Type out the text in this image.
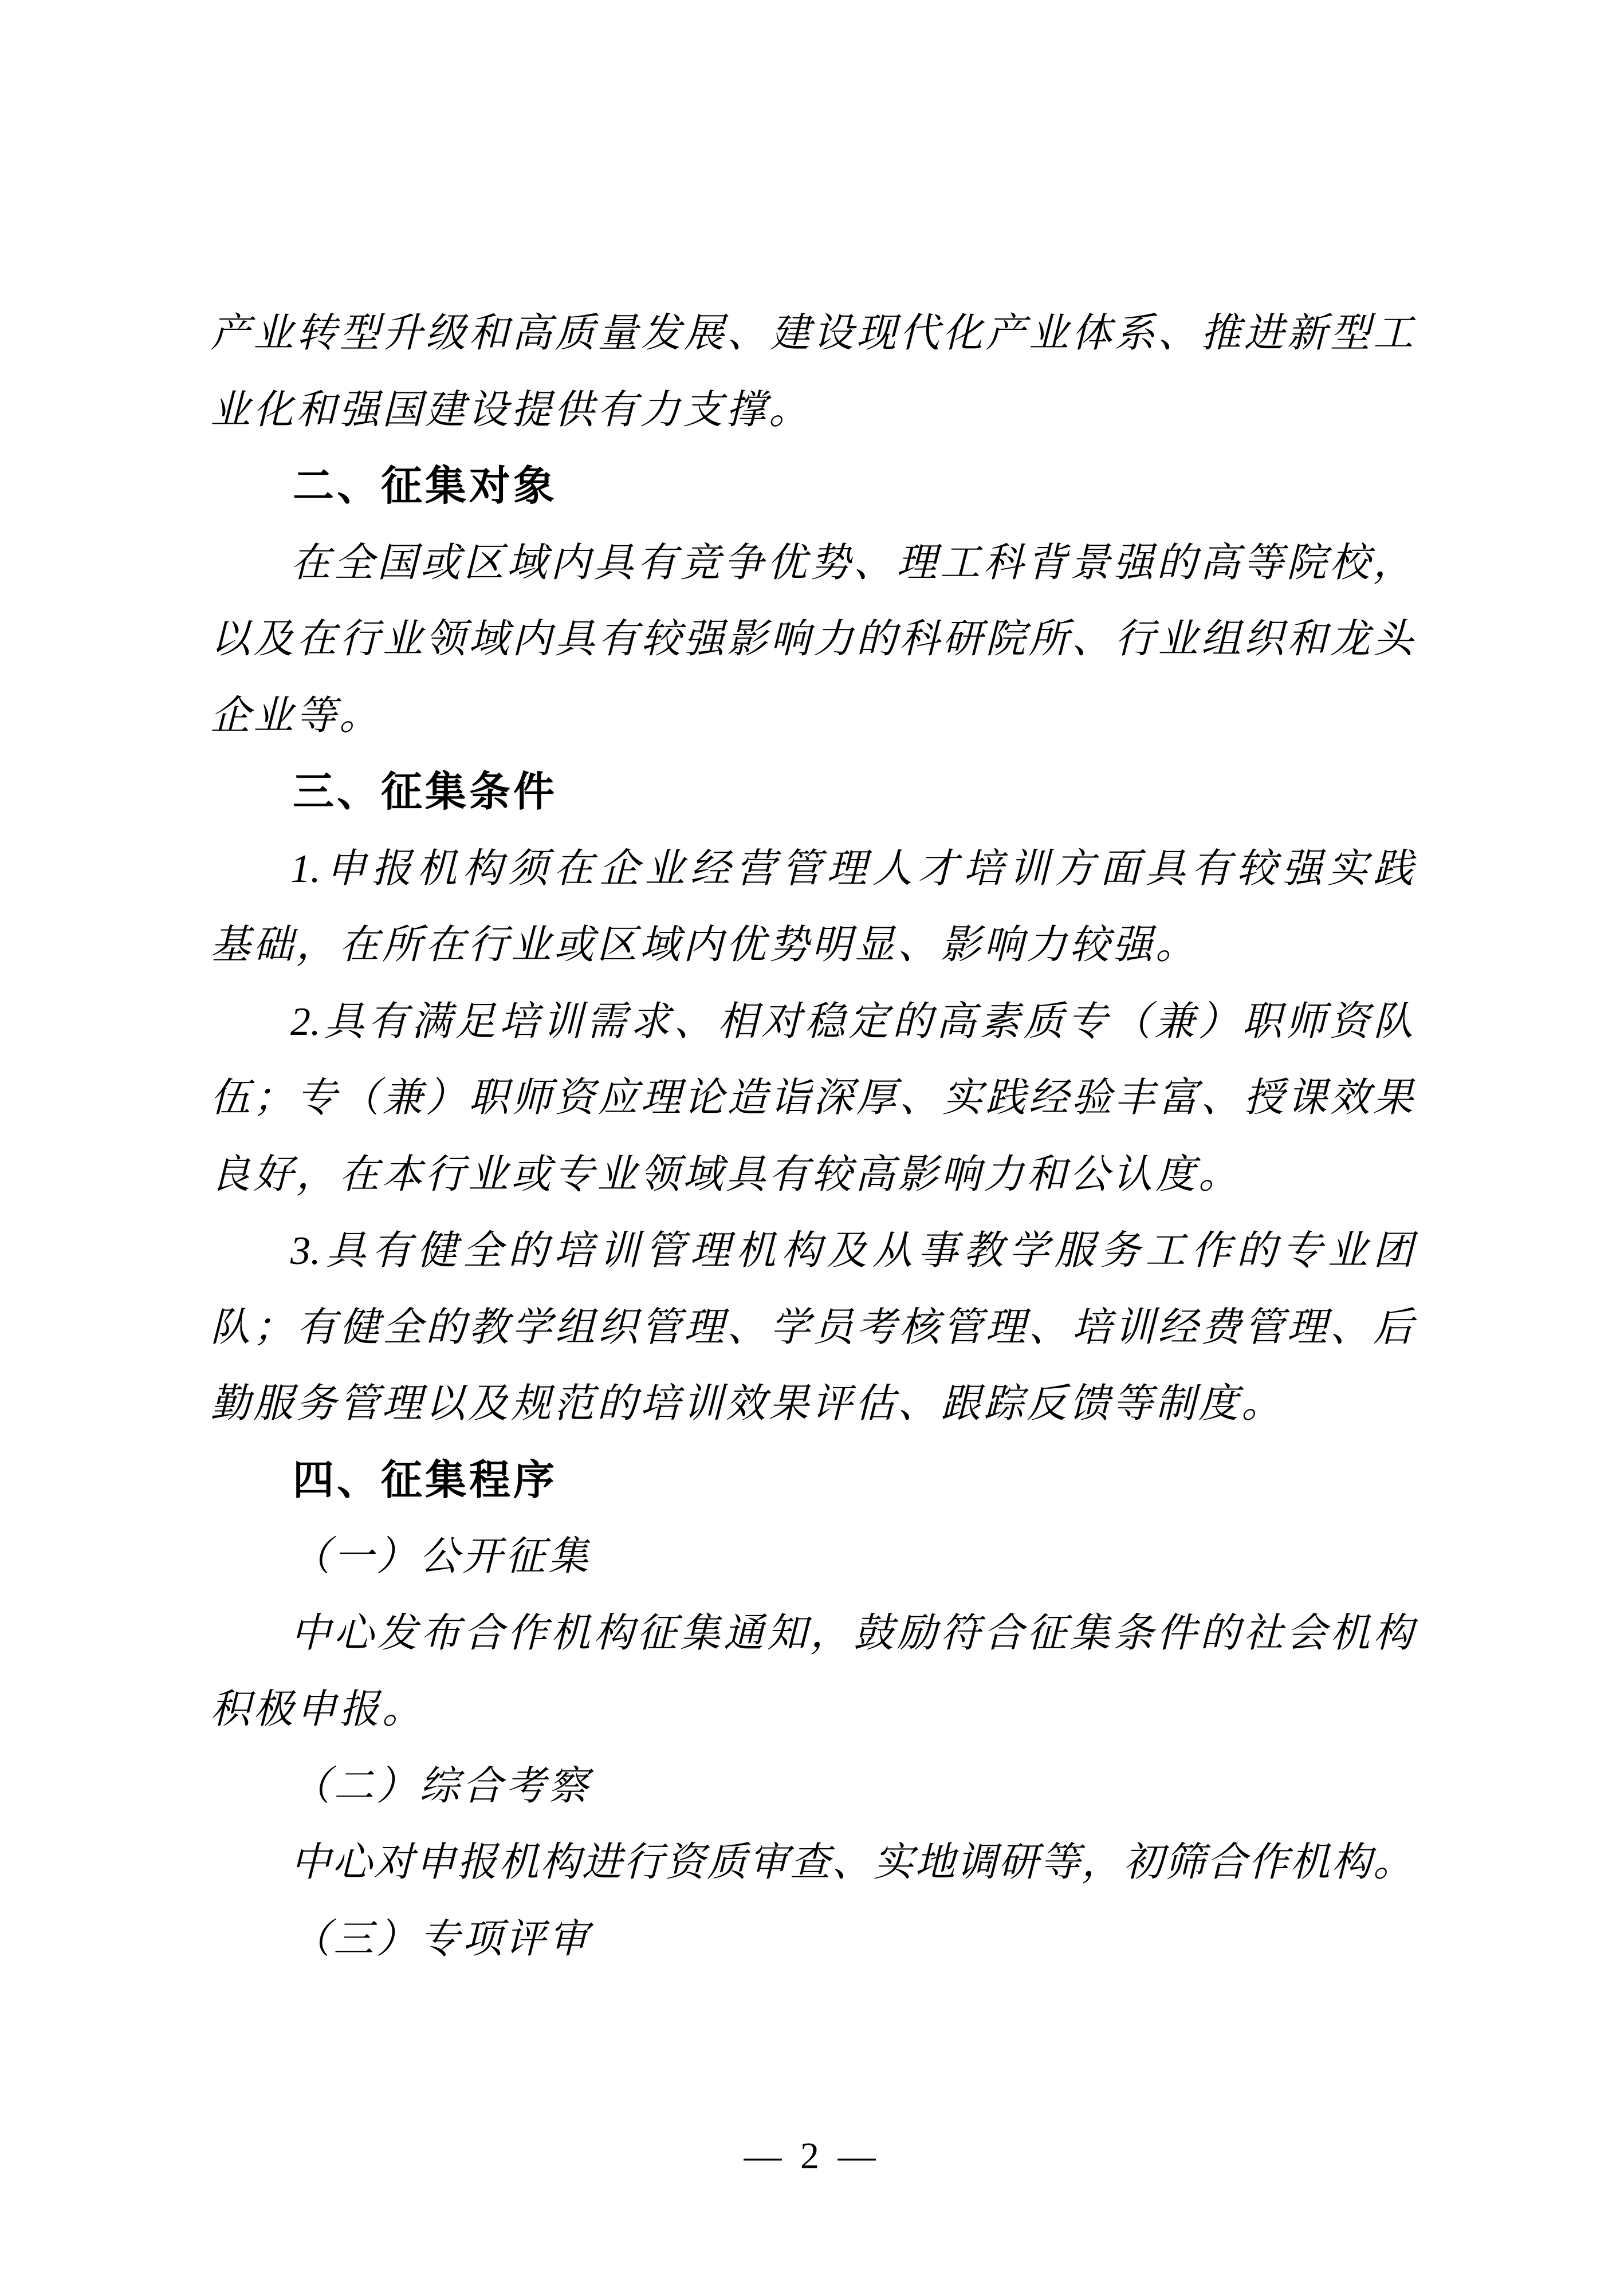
产业转型升级和高质量发展、建设现代化产业体系、推进新型工
业化和强国建设提供有力支撑。
二、征集对象
在全国或区域内具有竞争优势、理工科背景强的高等院校，
以及在行业领域内具有较强影响力的科研院所、行业组织和龙头
企业等。
三、征集条件
1.申报机构须在企业经营管理人才培训方面具有较强实践
基础，在所在行业或区域内优势明显、影响力较强。
2.具有满足培训需求、相对稳定的高素质专（兼）职师资队
伍；专（兼）职师资应理论造诣深厚、实践经验丰富、授课效果
良好，在本行业或专业领域具有较高影响力和公认度。
3.具有健全的培训管理机构及从事教学服务工作的专业团
队；有健全的教学组织管理、学员考核管理、培训经费管理、后
勤服务管理以及规范的培训效果评估、跟踪反馈等制度。
四、征集程序
（一）公开征集
中心发布合作机构征集通知，鼓励符合征集条件的社会机构
积极申报。
（二）综合考察
中心对申报机构进行资质审查、实地调研等，初筛合作机构。
（三）专项评审
— 2 —
